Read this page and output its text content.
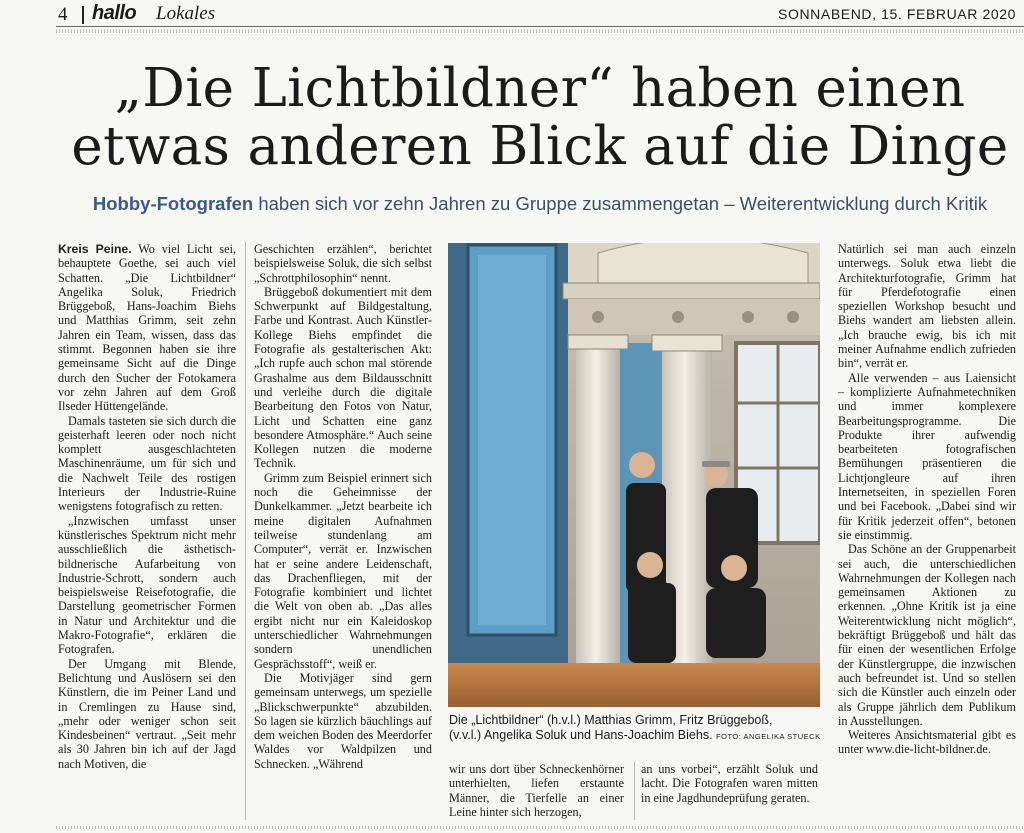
4 hallo Lokales	SONNABEND, 15. FEBRUAR 2020
„Die Lichtbildner“ haben einen
etwas anderen Blick auf die Dinge
Hobby-Fotografen haben sich vor zehn Jahren zu Gruppe zusammengetan – Weiterentwicklung durch Kritik

Kreis Peine. Wo viel Licht sei, behauptete Goethe, sei auch viel Schatten. „Die Lichtbildner“ Angelika Soluk, Friedrich Brüggeboß, Hans-Joachim Biehs und Matthias Grimm, seit zehn Jahren ein Team, wissen, dass das stimmt. Begonnen haben sie ihre gemeinsame Sicht auf die Dinge durch den Sucher der Fotokamera vor zehn Jahren auf dem Groß Ilseder Hüttengelände.

Damals tasteten sie sich durch die geisterhaft leeren oder noch nicht komplett ausgeschlachteten Maschinenräume, um für sich und die Nachwelt Teile des rostigen Interieurs der Industrie-Ruine wenigstens fotografisch zu retten.

„Inzwischen umfasst unser künstlerisches Spektrum nicht mehr ausschließlich die ästhetisch-bildnerische Aufarbeitung von Industrie-Schrott, sondern auch beispielsweise Reisefotografie, die Darstellung geometrischer Formen in Natur und Architektur und die Makro-Fotografie“, erklären die Fotografen.

Der Umgang mit Blende, Belichtung und Auslösern sei den Künstlern, die im Peiner Land und in Cremlingen zu Hause sind, „mehr oder weniger schon seit Kindesbeinen“ vertraut. „Seit mehr als 30 Jahren bin ich auf der Jagd nach Motiven, die

Geschichten erzählen“, berichtet beispielsweise Soluk, die sich selbst „Schrottphilosophin“ nennt.

Brüggeboß dokumentiert mit dem Schwerpunkt auf Bildgestaltung, Farbe und Kontrast. Auch Künstler-Kollege Biehs empfindet die Fotografie als gestalterischen Akt: „Ich rupfe auch schon mal störende Grashalme aus dem Bildausschnitt und verleihe durch die digitale Bearbeitung den Fotos von Natur, Licht und Schatten eine ganz besondere Atmosphäre.“ Auch seine Kollegen nutzen die moderne Technik.

Grimm zum Beispiel erinnert sich noch die Geheimnisse der Dunkelkammer. „Jetzt bearbeite ich meine digitalen Aufnahmen teilweise stundenlang am Computer“, verrät er. Inzwischen hat er seine andere Leidenschaft, das Drachenfliegen, mit der Fotografie kombiniert und lichtet die Welt von oben ab. „Das alles ergibt nicht nur ein Kaleidoskop unterschiedlicher Wahrnehmungen sondern unendlichen Gesprächsstoff“, weiß er.

Die Motivjäger sind gern gemeinsam unterwegs, um spezielle „Blickschwerpunkte“ abzubilden. So lagen sie kürzlich bäuchlings auf dem weichen Boden des Meerdorfer Waldes vor Waldpilzen und Schnecken. „Während

Die „Lichtbildner“ (h.v.l.) Matthias Grimm, Fritz Brüggeboß,
(v.v.l.) Angelika Soluk und Hans-Joachim Biehs. FOTO: ANGELIKA STUECK

wir uns dort über Schneckenhörner unterhielten, liefen erstaunte Männer, die Tierfelle an einer Leine hinter sich herzogen,

an uns vorbei“, erzählt Soluk und lacht. Die Fotografen waren mitten in eine Jagdhundeprüfung geraten.

Natürlich sei man auch einzeln unterwegs. Soluk etwa liebt die Architekturfotografie, Grimm hat für Pferdefotografie einen speziellen Workshop besucht und Biehs wandert am liebsten allein. „Ich brauche ewig, bis ich mit meiner Aufnahme endlich zufrieden bin“, verrät er.

Alle verwenden – aus Laiensicht – komplizierte Aufnahmetechniken und immer komplexere Bearbeitungsprogramme. Die Produkte ihrer aufwendig bearbeiteten fotografischen Bemühungen präsentieren die Lichtjongleure auf ihren Internetseiten, in speziellen Foren und bei Facebook. „Dabei sind wir für Kritik jederzeit offen“, betonen sie einstimmig.

Das Schöne an der Gruppenarbeit sei auch, die unterschiedlichen Wahrnehmungen der Kollegen nach gemeinsamen Aktionen zu erkennen. „Ohne Kritik ist ja eine Weiterentwicklung nicht möglich“, bekräftigt Brüggeboß und hält das für einen der wesentlichen Erfolge der Künstlergruppe, die inzwischen auch befreundet ist. Und so stellen sich die Künstler auch einzeln oder als Gruppe jährlich dem Publikum in Ausstellungen.

Weiteres Ansichtsmaterial gibt es unter www.die-licht-bildner.de.
